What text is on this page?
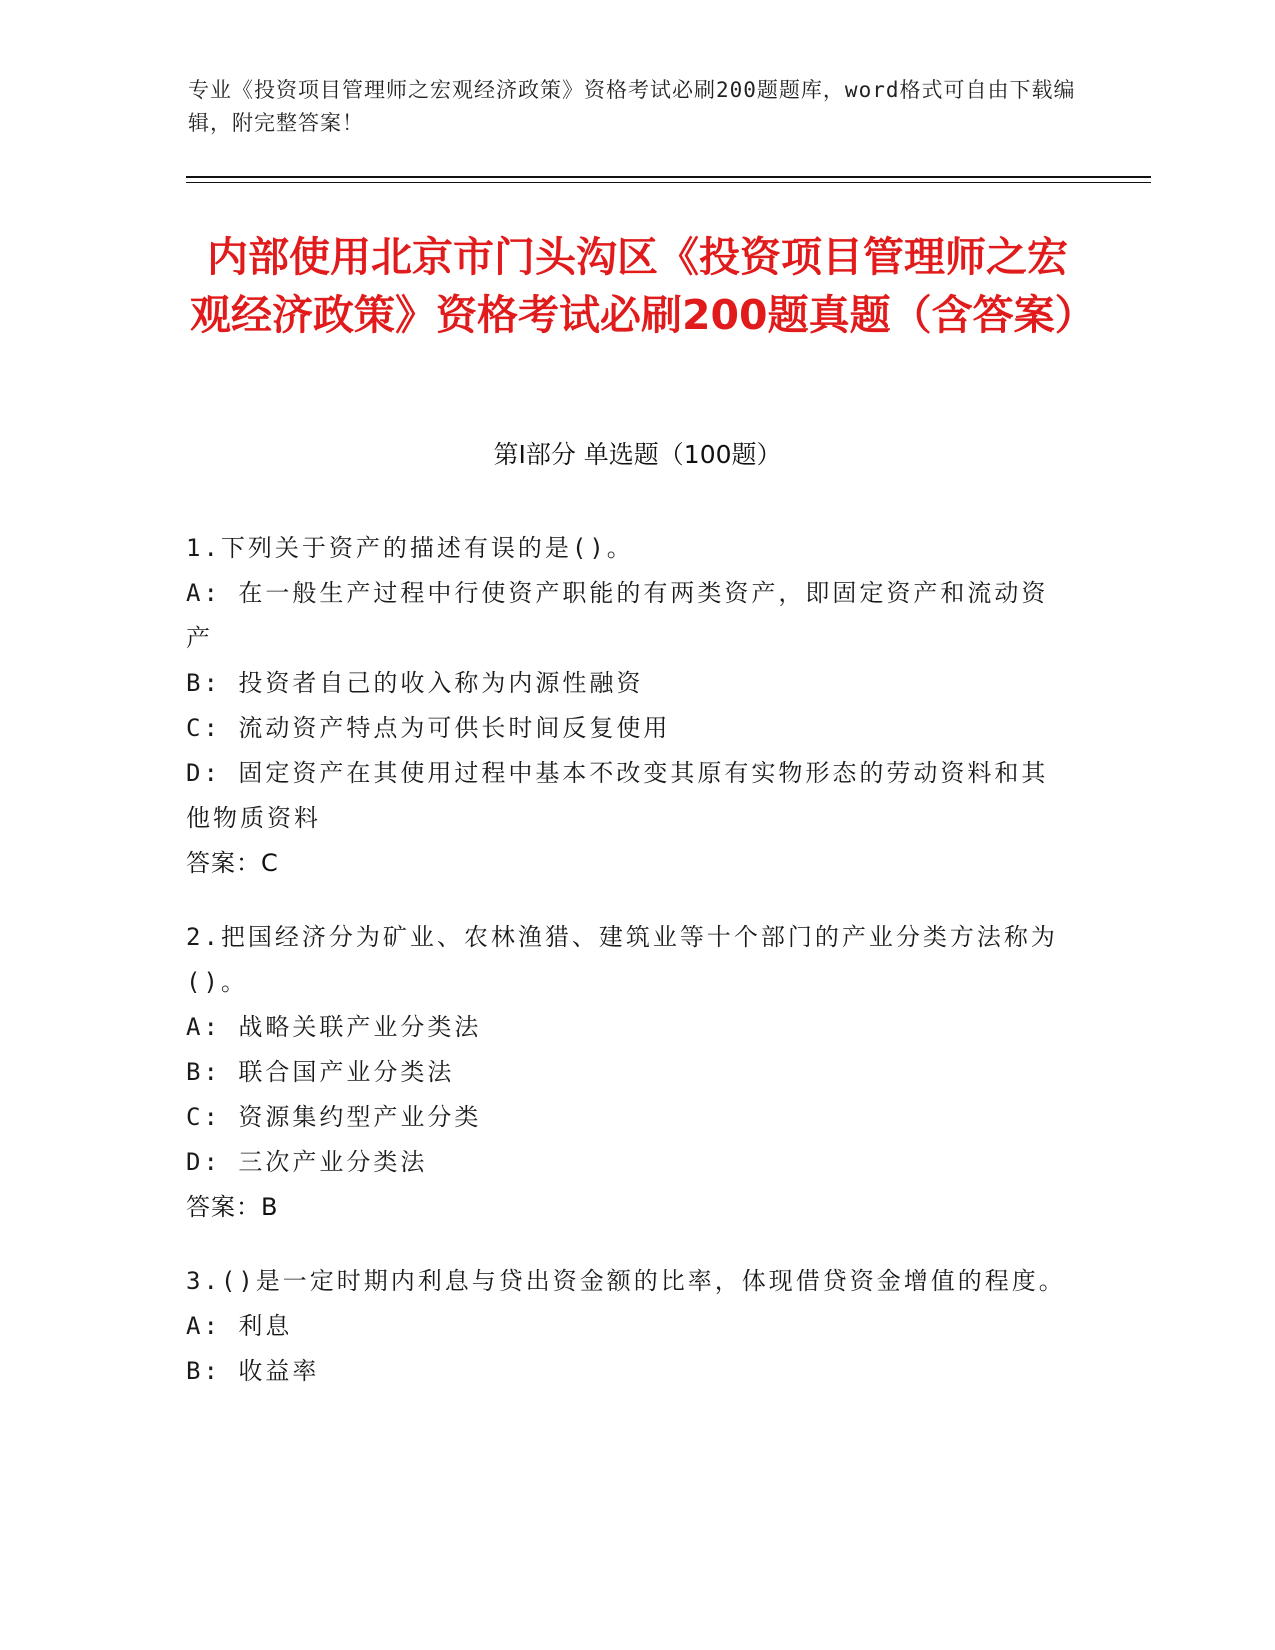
专业《投资项目管理师之宏观经济政策》资格考试必刷200题题库，word格式可自由下载编辑，附完整答案！
内部使用北京市门头沟区《投资项目管理师之宏观经济政策》资格考试必刷200题真题（含答案）
第Ⅰ部分 单选题（100题）
1.下列关于资产的描述有误的是()。
A: 在一般生产过程中行使资产职能的有两类资产，即固定资产和流动资产
B: 投资者自己的收入称为内源性融资
C: 流动资产特点为可供长时间反复使用
D: 固定资产在其使用过程中基本不改变其原有实物形态的劳动资料和其他物质资料
答案：C
2.把国经济分为矿业、农林渔猎、建筑业等十个部门的产业分类方法称为()。
A: 战略关联产业分类法
B: 联合国产业分类法
C: 资源集约型产业分类
D: 三次产业分类法
答案：B
3.()是一定时期内利息与贷出资金额的比率，体现借贷资金增值的程度。
A: 利息
B: 收益率
